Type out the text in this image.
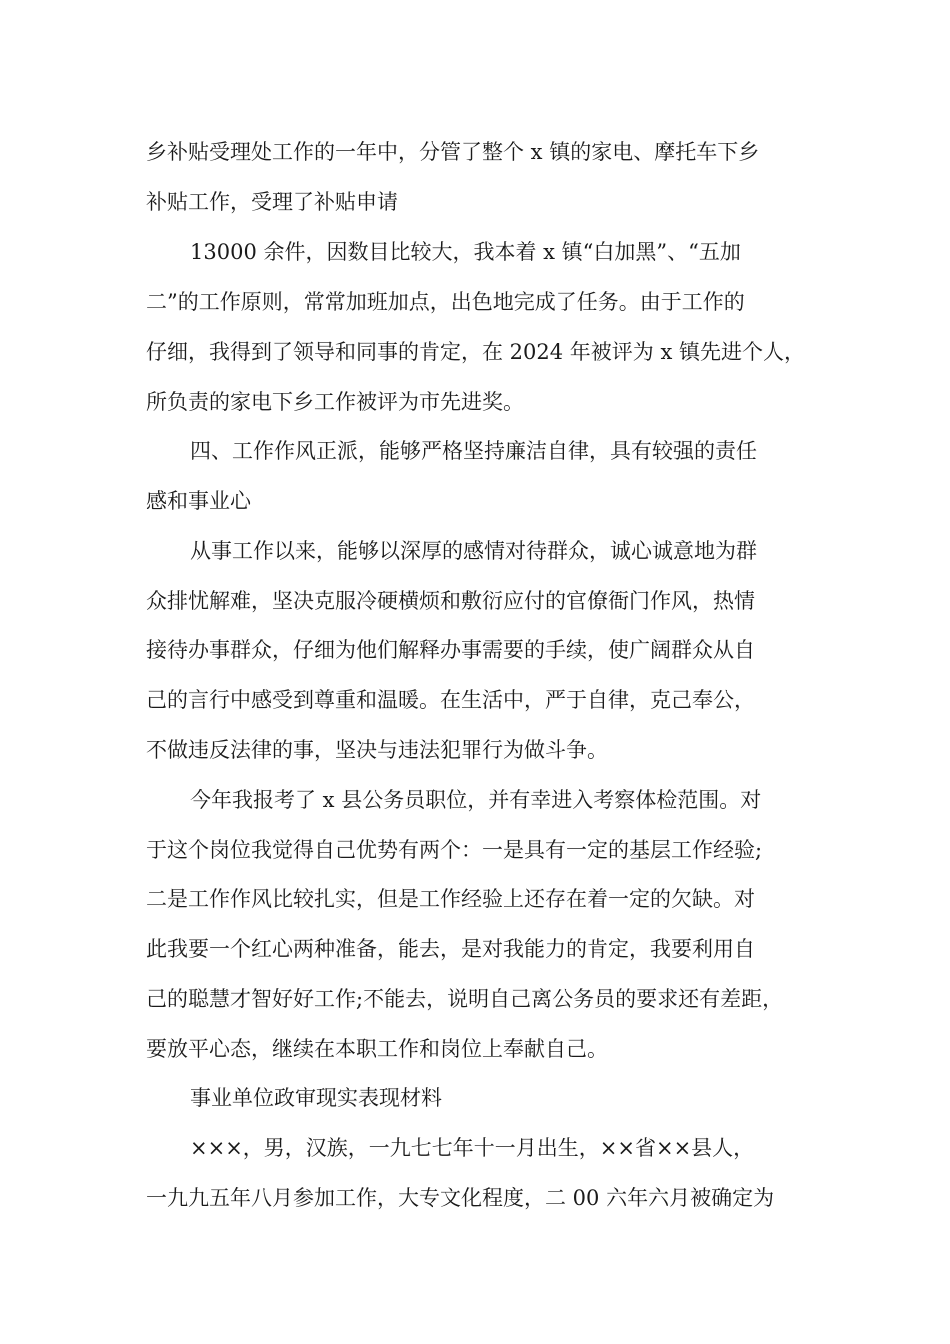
乡补贴受理处工作的一年中，分管了整个 x 镇的家电、摩托车下乡
补贴工作，受理了补贴申请
13000 余件，因数目比较大，我本着 x 镇“白加黑”、“五加
二”的工作原则，常常加班加点，出色地完成了任务。由于工作的
仔细，我得到了领导和同事的肯定，在 2024 年被评为 x 镇先进个人，
所负责的家电下乡工作被评为市先进奖。
四、工作作风正派，能够严格坚持廉洁自律，具有较强的责任
感和事业心
从事工作以来，能够以深厚的感情对待群众，诚心诚意地为群
众排忧解难，坚决克服冷硬横烦和敷衍应付的官僚衙门作风，热情
接待办事群众，仔细为他们解释办事需要的手续，使广阔群众从自
己的言行中感受到尊重和温暖。在生活中，严于自律，克己奉公，
不做违反法律的事，坚决与违法犯罪行为做斗争。
今年我报考了 x 县公务员职位，并有幸进入考察体检范围。对
于这个岗位我觉得自己优势有两个：一是具有一定的基层工作经验;
二是工作作风比较扎实，但是工作经验上还存在着一定的欠缺。对
此我要一个红心两种准备，能去，是对我能力的肯定，我要利用自
己的聪慧才智好好工作;不能去，说明自己离公务员的要求还有差距，
要放平心态，继续在本职工作和岗位上奉献自己。
事业单位政审现实表现材料
×××，男，汉族，一九七七年十一月出生，××省××县人，
一九九五年八月参加工作，大专文化程度，二 00 六年六月被确定为
